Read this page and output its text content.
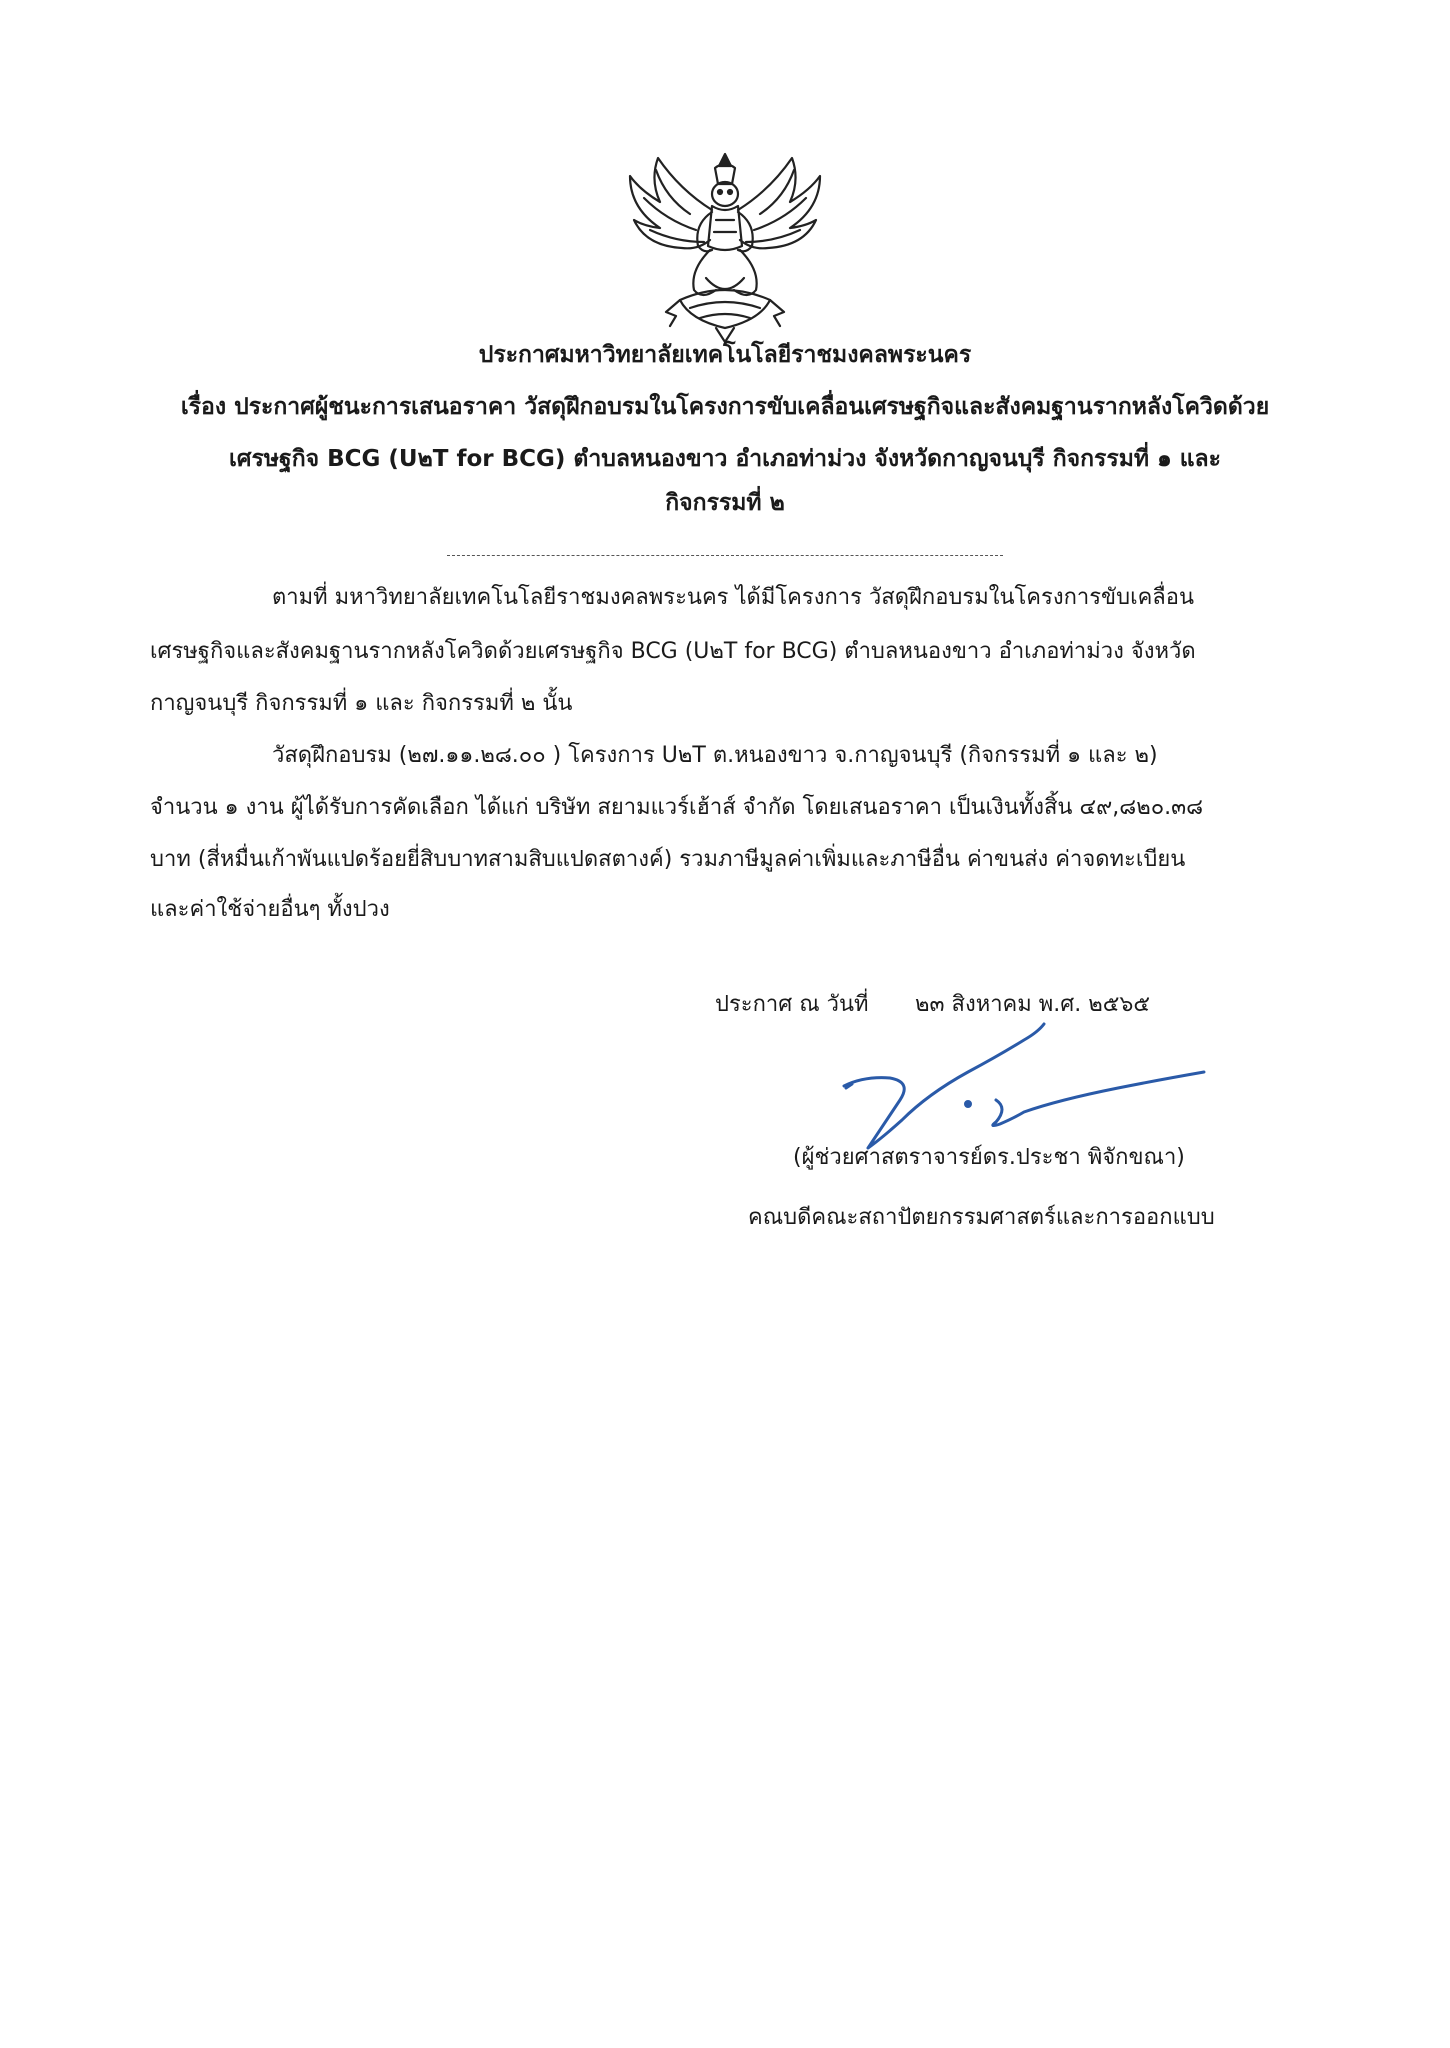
ประกาศมหาวิทยาลัยเทคโนโลยีราชมงคลพระนคร
เรื่อง ประกาศผู้ชนะการเสนอราคา วัสดุฝึกอบรมในโครงการขับเคลื่อนเศรษฐกิจและสังคมฐานรากหลังโควิดด้วย
เศรษฐกิจ BCG (U๒T for BCG) ตำบลหนองขาว อำเภอท่าม่วง จังหวัดกาญจนบุรี กิจกรรมที่ ๑ และ
กิจกรรมที่ ๒
ตามที่ มหาวิทยาลัยเทคโนโลยีราชมงคลพระนคร ได้มีโครงการ วัสดุฝึกอบรมในโครงการขับเคลื่อน
เศรษฐกิจและสังคมฐานรากหลังโควิดด้วยเศรษฐกิจ BCG (U๒T for BCG) ตำบลหนองขาว อำเภอท่าม่วง จังหวัด
กาญจนบุรี กิจกรรมที่ ๑ และ กิจกรรมที่ ๒ นั้น
วัสดุฝึกอบรม (๒๗.๑๑.๒๘.๐๐ ) โครงการ U๒T ต.หนองขาว จ.กาญจนบุรี (กิจกรรมที่ ๑ และ ๒)
จำนวน ๑ งาน ผู้ได้รับการคัดเลือก ได้แก่ บริษัท สยามแวร์เฮ้าส์ จำกัด โดยเสนอราคา เป็นเงินทั้งสิ้น ๔๙,๘๒๐.๓๘
บาท (สี่หมื่นเก้าพันแปดร้อยยี่สิบบาทสามสิบแปดสตางค์) รวมภาษีมูลค่าเพิ่มและภาษีอื่น ค่าขนส่ง ค่าจดทะเบียน
และค่าใช้จ่ายอื่นๆ ทั้งปวง
ประกาศ ณ วันที่ ๒๓ สิงหาคม พ.ศ. ๒๕๖๕
(ผู้ช่วยศาสตราจารย์ดร.ประชา พิจักขณา)
คณบดีคณะสถาปัตยกรรมศาสตร์และการออกแบบ
